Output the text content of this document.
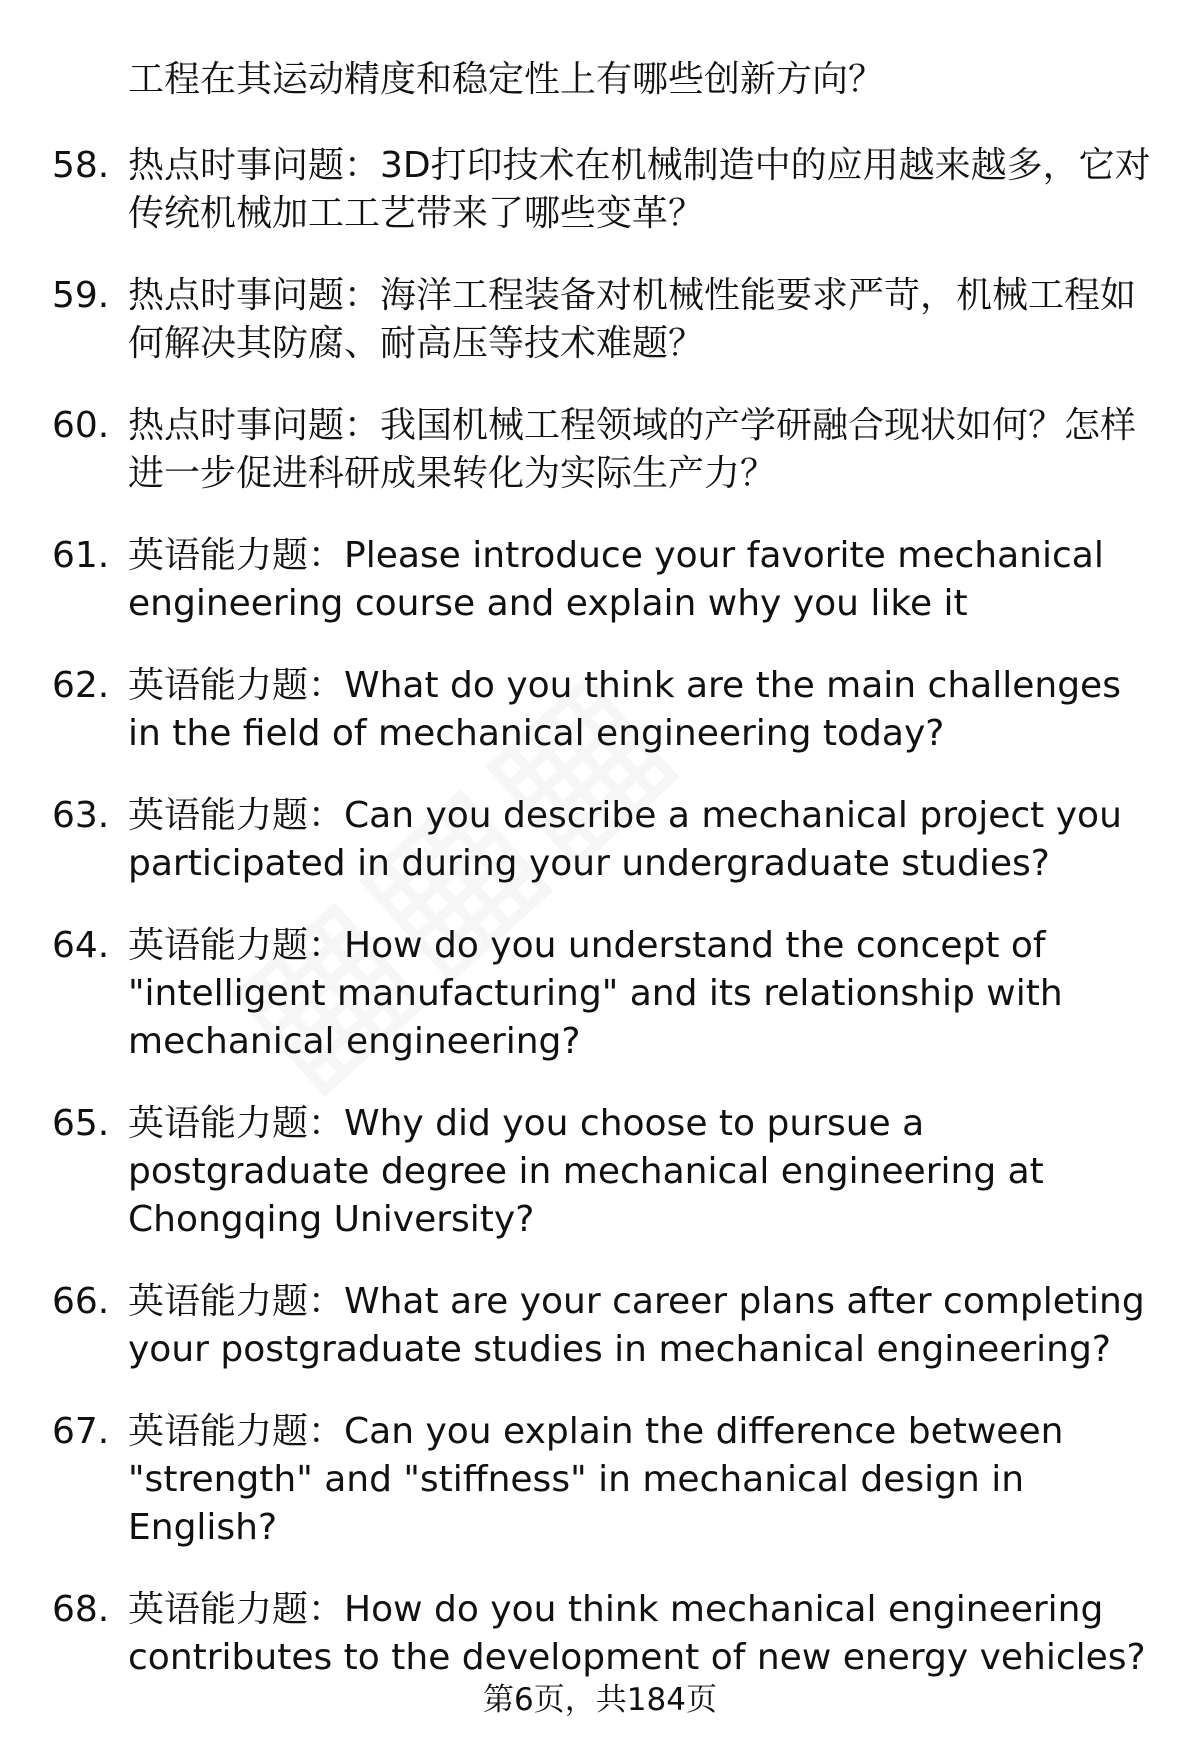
工程在其运动精度和稳定性上有哪些创新方向？
58. 热点时事问题：3D打印技术在机械制造中的应用越来越多，它对传统机械加工工艺带来了哪些变革？
59. 热点时事问题：海洋工程装备对机械性能要求严苛，机械工程如何解决其防腐、耐高压等技术难题？
60. 热点时事问题：我国机械工程领域的产学研融合现状如何？怎样进一步促进科研成果转化为实际生产力？
61. 英语能力题：Please introduce your favorite mechanical engineering course and explain why you like it
62. 英语能力题：What do you think are the main challenges in the field of mechanical engineering today?
63. 英语能力题：Can you describe a mechanical project you participated in during your undergraduate studies?
64. 英语能力题：How do you understand the concept of "intelligent manufacturing" and its relationship with mechanical engineering?
65. 英语能力题：Why did you choose to pursue a postgraduate degree in mechanical engineering at Chongqing University?
66. 英语能力题：What are your career plans after completing your postgraduate studies in mechanical engineering?
67. 英语能力题：Can you explain the difference between "strength" and "stiffness" in mechanical design in English?
68. 英语能力题：How do you think mechanical engineering contributes to the development of new energy vehicles?
第6页，共184页
